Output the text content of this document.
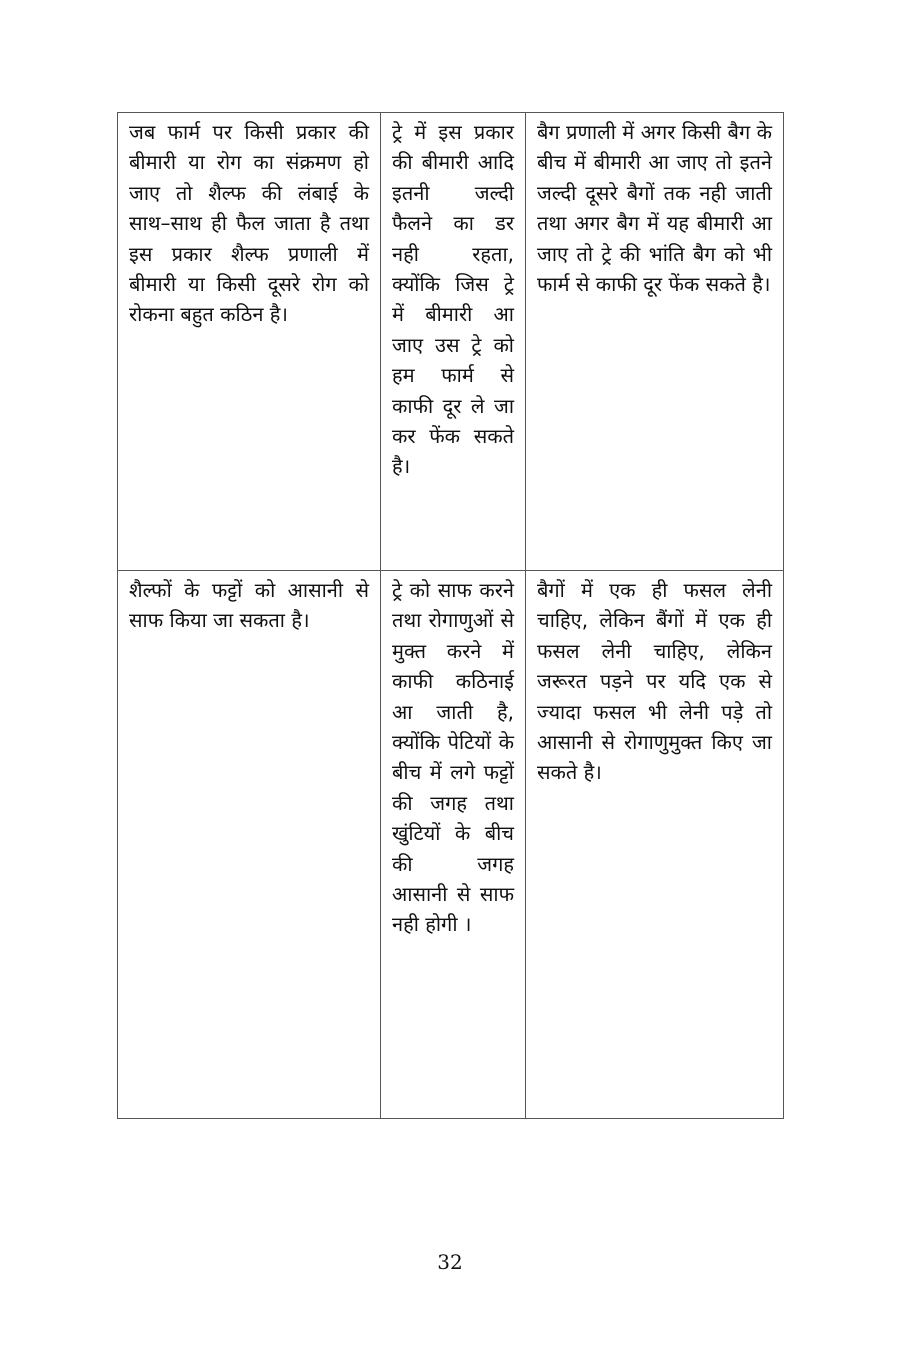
जब फार्म पर किसी प्रकार की बीमारी या रोग का संक्रमण हो जाए तो शैल्फ की लंबाई के साथ–साथ ही फैल जाता है तथा इस प्रकार शैल्फ प्रणाली में बीमारी या किसी दूसरे रोग को रोकना बहुत कठिन है।	ट्रे में इस प्रकार की बीमारी आदि इतनी जल्दी फैलने का डर नही रहता, क्योंकि जिस ट्रे में बीमारी आ जाए उस ट्रे को हम फार्म से काफी दूर ले जा कर फेंक सकते है।	बैग प्रणाली में अगर किसी बैग के बीच में बीमारी आ जाए तो इतने जल्दी दूसरे बैगों तक नही जाती तथा अगर बैग में यह बीमारी आ जाए तो ट्रे की भांति बैग को भी फार्म से काफी दूर फेंक सकते है।
शैल्फों के फट्टों को आसानी से साफ किया जा सकता है।	ट्रे को साफ करने तथा रोगाणुओं से मुक्त करने में काफी कठिनाई आ जाती है, क्योंकि पेटियों के बीच में लगे फट्टों की जगह तथा खुंटियों के बीच की जगह आसानी से साफ नही होगी ।	बैगों में एक ही फसल लेनी चाहिए, लेकिन बैंगों में एक ही फसल लेनी चाहिए, लेकिन जरूरत पड़ने पर यदि एक से ज्यादा फसल भी लेनी पड़े तो आसानी से रोगाणुमुक्त किए जा सकते है।
32
